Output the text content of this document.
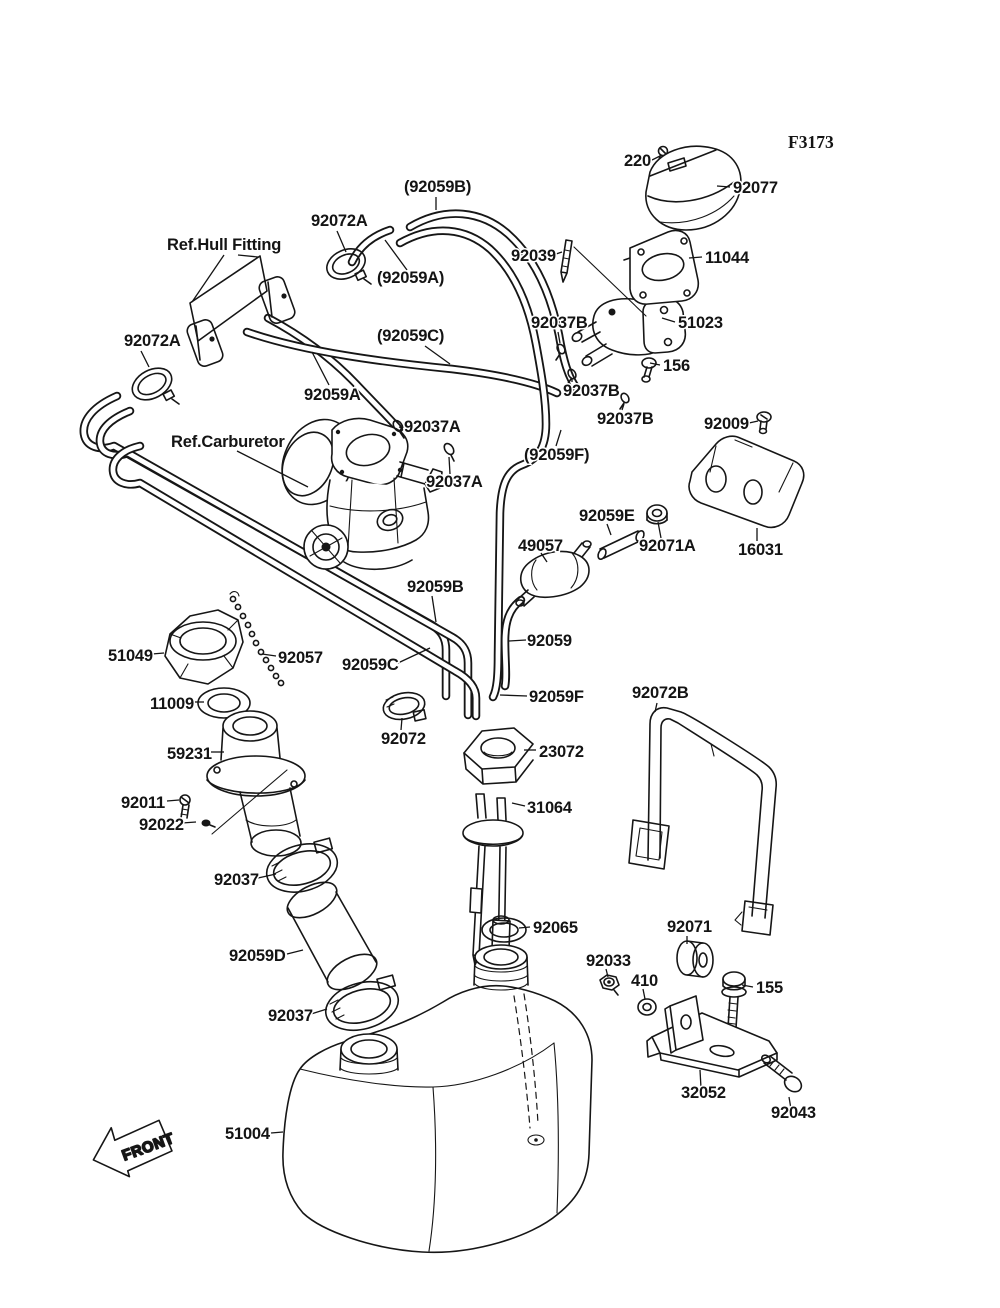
FRONT
F3173
220
92077
11044
51023
156
(92059B)
92072A
Ref.Hull Fitting
(92059A)
92039
92037B
92072A	(92059C)
92059A	92037B
92037B
(92059F)
92009
Ref.Carburetor
92037A
92037A
92059E
92071A	16031
49057
92059B
92059
51049	92057 92059C
11009	92059F	92072B
92072
59231	23072
92011
92022
31064
92037
92059D
92065	92071
92033
410	155
32052
92043
92037
51004
